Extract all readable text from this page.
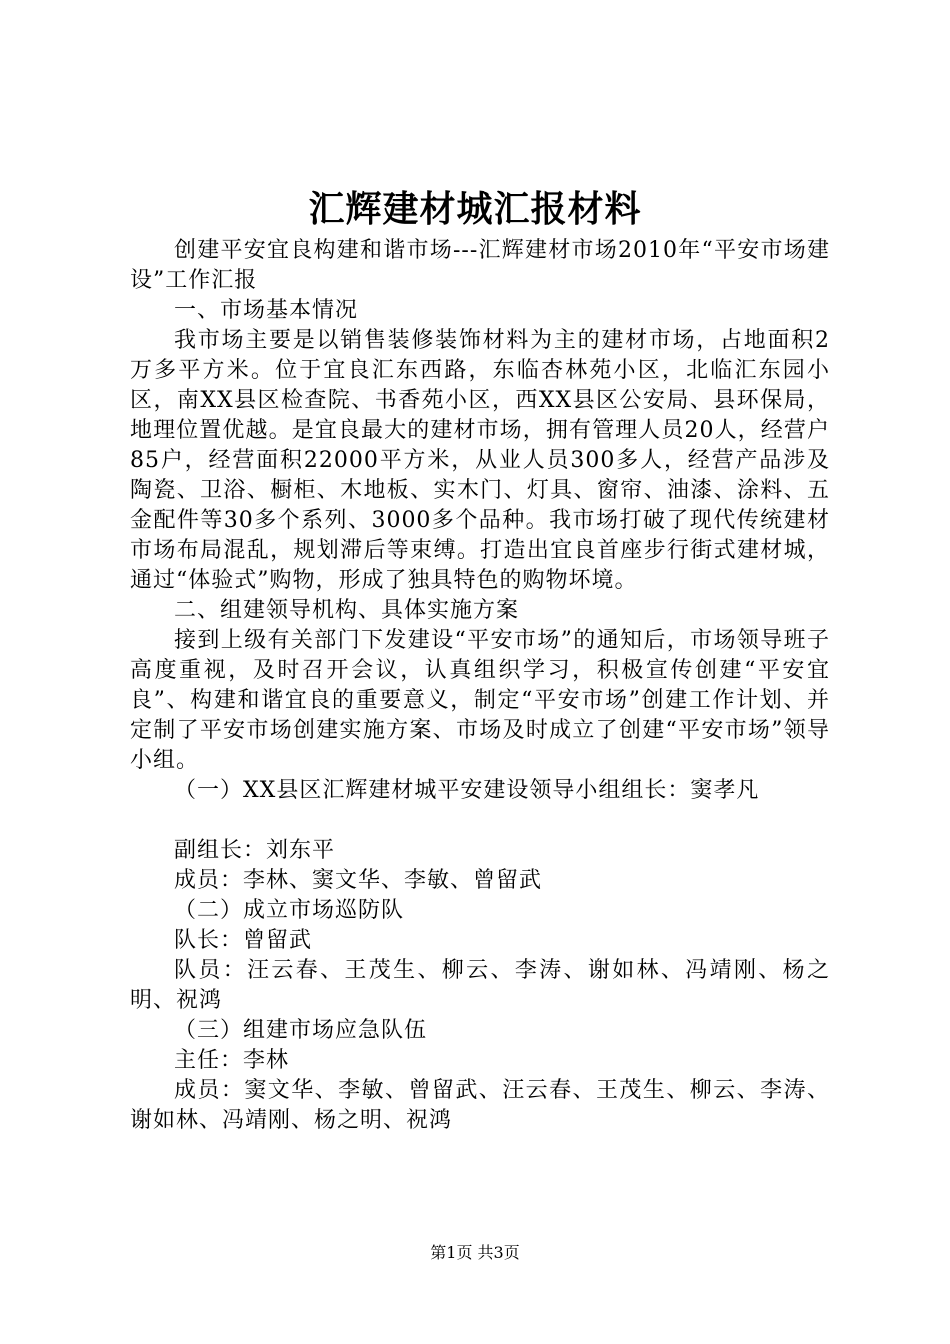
汇辉建材城汇报材料

创建平安宜良构建和谐市场---汇辉建材市场2010年“平安市场建设”工作汇报

一、市场基本情况

我市场主要是以销售装修装饰材料为主的建材市场，占地面积2万多平方米。位于宜良汇东西路，东临杏林苑小区，北临汇东园小区，南XX县区检查院、书香苑小区，西XX县区公安局、县环保局，地理位置优越。是宜良最大的建材市场，拥有管理人员20人，经营户85户，经营面积22000平方米，从业人员300多人，经营产品涉及陶瓷、卫浴、橱柜、木地板、实木门、灯具、窗帘、油漆、涂料、五金配件等30多个系列、3000多个品种。我市场打破了现代传统建材市场布局混乱，规划滞后等束缚。打造出宜良首座步行街式建材城，通过“体验式”购物，形成了独具特色的购物坏境。

二、组建领导机构、具体实施方案

接到上级有关部门下发建设“平安市场”的通知后，市场领导班子高度重视，及时召开会议，认真组织学习，积极宣传创建“平安宜良”、构建和谐宜良的重要意义，制定“平安市场”创建工作计划、并定制了平安市场创建实施方案、市场及时成立了创建“平安市场”领导小组。

（一）XX县区汇辉建材城平安建设领导小组组长：窦孝凡

副组长：刘东平

成员：李林、窦文华、李敏、曾留武

（二）成立市场巡防队

队长：曾留武

队员：汪云春、王茂生、柳云、李涛、谢如林、冯靖刚、杨之明、祝鸿

（三）组建市场应急队伍

主任：李林

成员：窦文华、李敏、曾留武、汪云春、王茂生、柳云、李涛、谢如林、冯靖刚、杨之明、祝鸿

第1页 共3页
